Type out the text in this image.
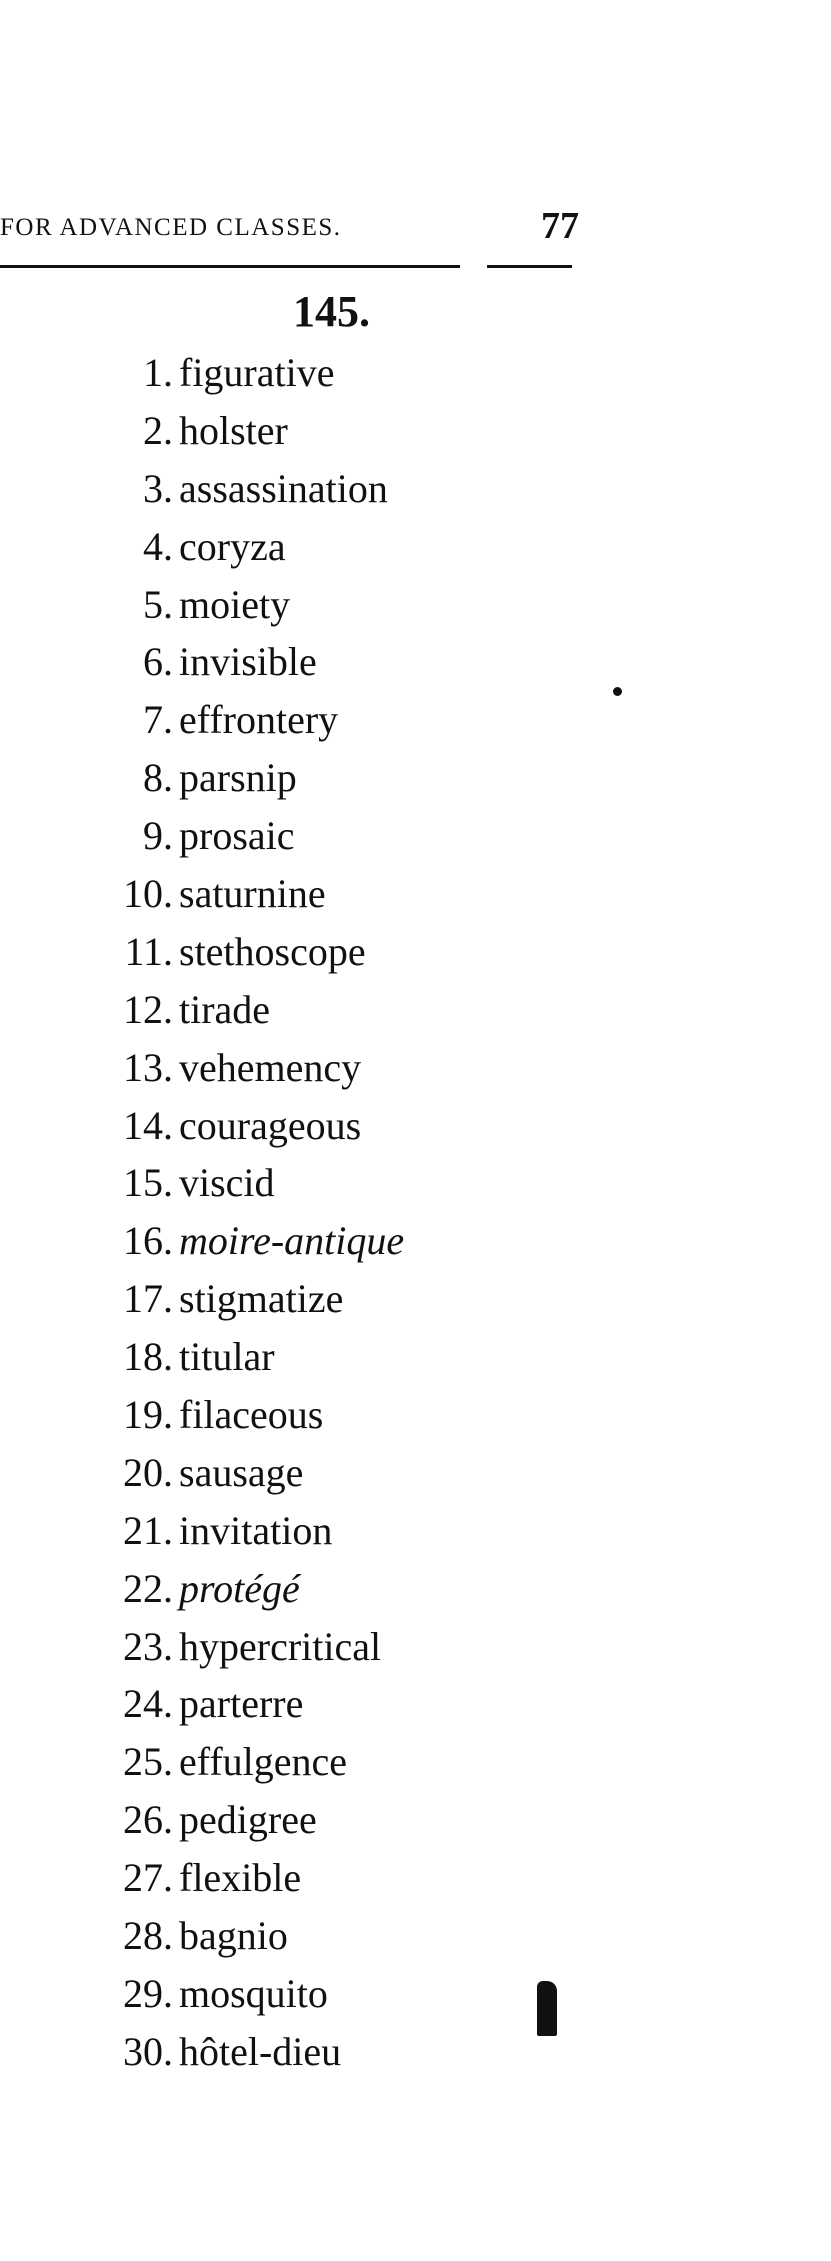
FOR ADVANCED CLASSES.	77
145.
1. figurative
2. holster
3. assassination
4. coryza
5. moiety
6. invisible
7. effrontery
8. parsnip
9. prosaic
10. saturnine
11. stethoscope
12. tirade
13. vehemency
14. courageous
15. viscid
16. moire-antique
17. stigmatize
18. titular
19. filaceous
20. sausage
21. invitation
22. protégé
23. hypercritical
24. parterre
25. effulgence
26. pedigree
27. flexible
28. bagnio
29. mosquito
30. hôtel-dieu
